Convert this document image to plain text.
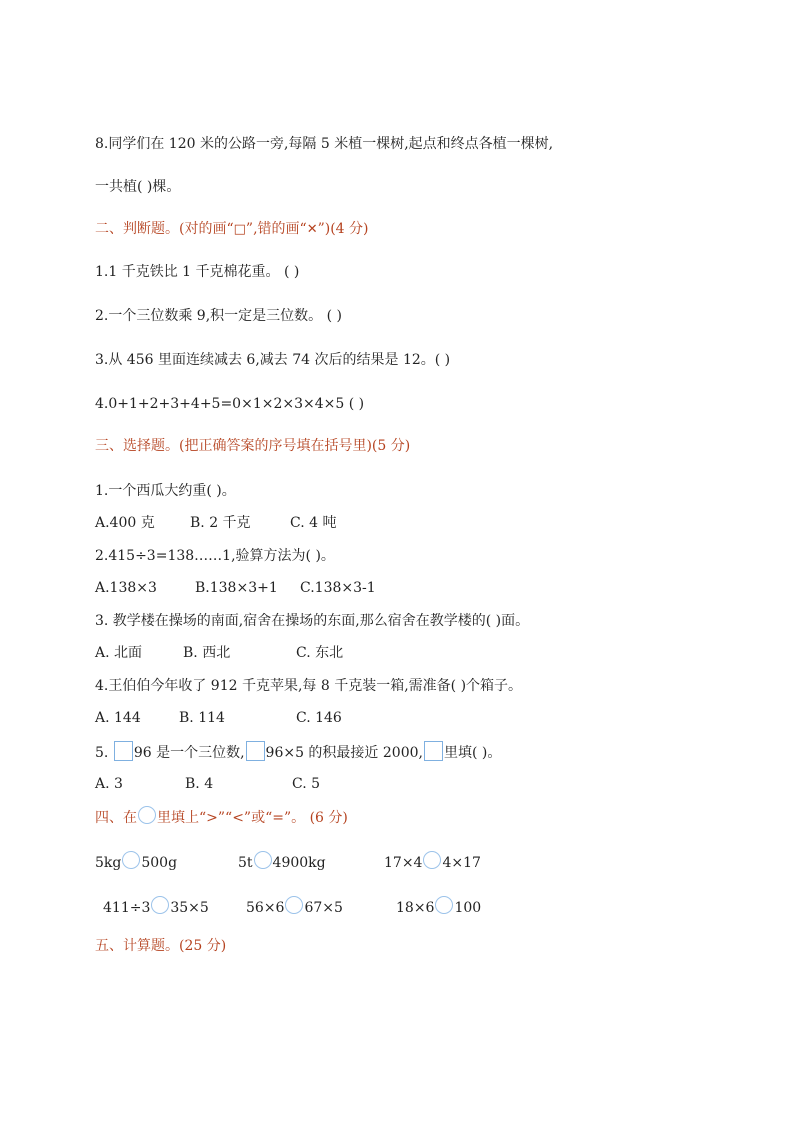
8.同学们在 120 米的公路一旁,每隔 5 米植一棵树,起点和终点各植一棵树,
一共植( )棵。
二、判断题。(对的画“□”,错的画“✕”)(4 分)
1.1 千克铁比 1 千克棉花重。 ( )
2.一个三位数乘 9,积一定是三位数。 ( )
3.从 456 里面连续减去 6,减去 74 次后的结果是 12。( )
4.0+1+2+3+4+5=0×1×2×3×4×5 ( )
三、选择题。(把正确答案的序号填在括号里)(5 分)
1.一个西瓜大约重( )。
A.400 克	B. 2 千克	C. 4 吨
2.415÷3=138……1,验算方法为( )。
A.138×3	B.138×3+1 C.138×3-1
3. 教学楼在操场的南面,宿舍在操场的东面,那么宿舍在教学楼的( )面。
A. 北面	B. 西北	C. 东北
4.王伯伯今年收了 912 千克苹果,每 8 千克装一箱,需准备( )个箱子。
A. 144	B. 114	C. 146
5. 96 是一个三位数, 96×5 的积最接近 2000, 里填( )。
A. 3	B. 4	C. 5
四、在 里填上“>”“<”或“=”。 (6 分)
5kg 500g	5t 4900kg	17×4 4×17
411÷3 35×5	56×6 67×5	18×6 100
五、计算题。(25 分)
